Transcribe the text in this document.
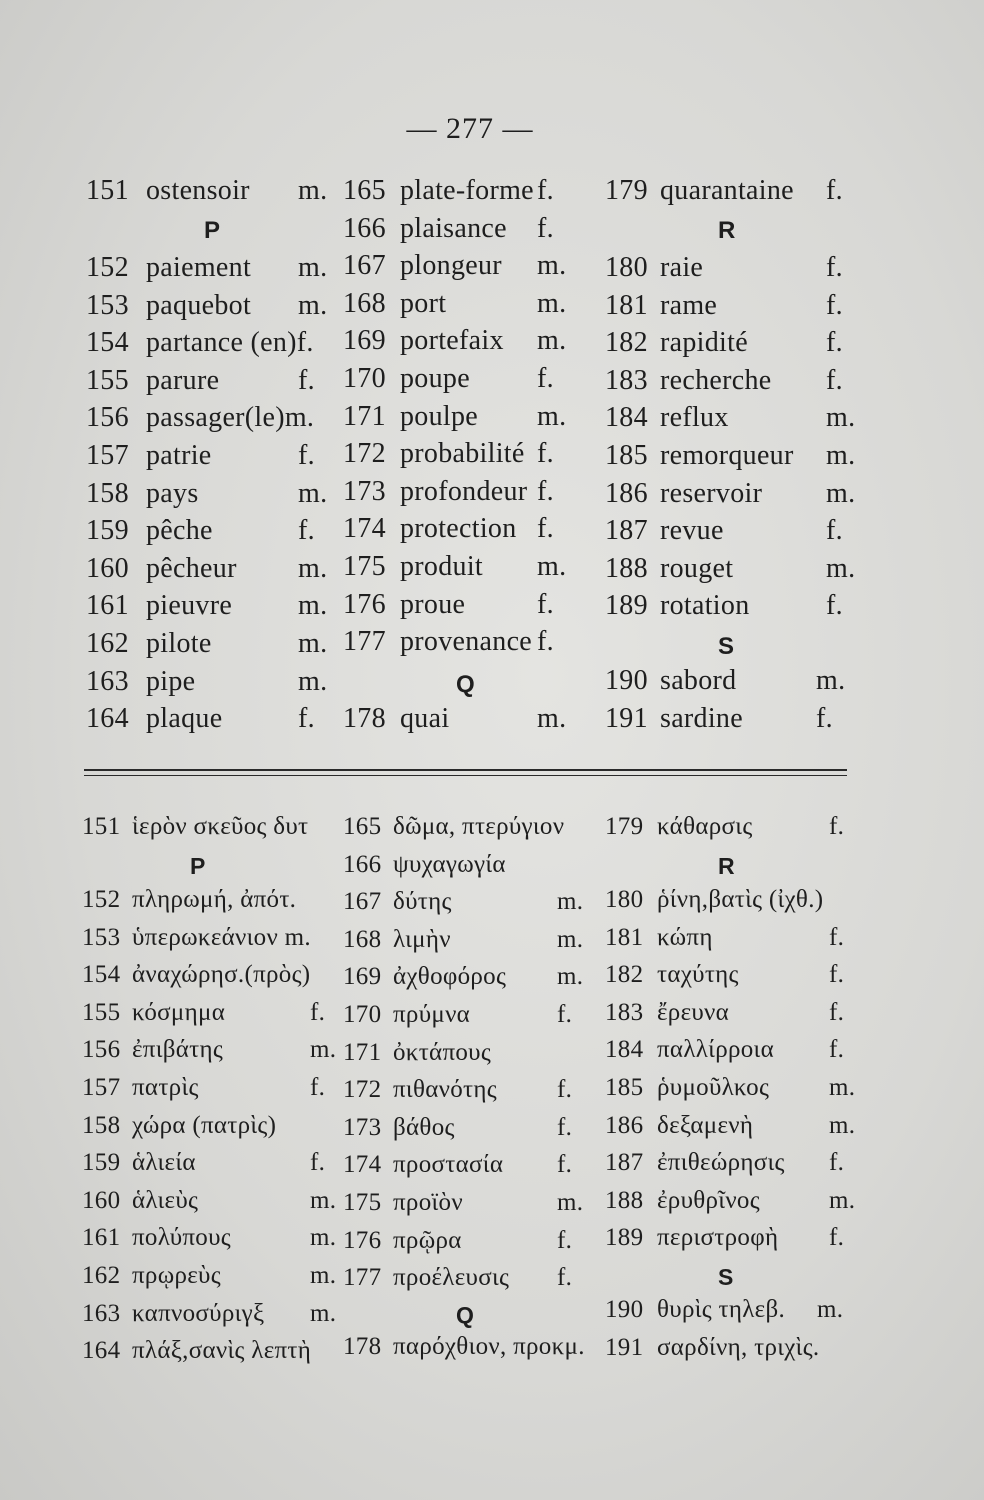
— 277 —
151 ostensoir m.
P
152 paiement m.
153 paquebot m.
154 partance (en)f.
155 parure	f.
156 passager(le)m.
157 patrie	f.
158 pays	m.
159 pêche	f.
160 pêcheur m.
161 pieuvre m.
162 pilote	m.
163 pipe	m.
164 plaque	f.
165 plate-forme f.
166 plaisance f.
167 plongeur m.
168 port	m.
169 portefaix m.
170 poupe f.
171 poulpe m.
172 probabilité f.
173 profondeur f.
174 protection f.
175 produit m.
176 proue	f.
177 provenance f.
Q
178 quai	m.
179 quarantaine f.
R
180 raie	f.
181 rame	f.
182 rapidité	f.
183 recherche f.
184 reflux	m.
185 remorqueur m.
186 reservoir m.
187 revue	f.
188 rouget	m.
189 rotation	f.
S
190 sabord	m.
191 sardine	f.
151 ἱερὸν σκεῦος δυτ
P
152 πληρωμή, ἀπότ.
153 ὑπερωκεάνιον m.
154 ἀναχώρησ.(πρὸς)
155 κόσμημα	f.
156 ἐπιβάτης	m.
157 πατρὶς	f.
158 χώρα (πατρὶς)
159 ἁλιεία	f.
160 ἁλιεὺς	m.
161 πολύπους	m.
162 πρῳρεὺς	m.
163 καπνοσύριγξ m.
164 πλάξ,σανὶς λεπτὴ
165 δῶμα, πτερύγιον
166 ψυχαγωγία
167 δύτης	m.
168 λιμὴν	m.
169 ἀχθοφόρος m.
170 πρύμνα	f.
171 ὀκτάπους
172 πιθανότης f.
173 βάθος	f.
174 προστασία f.
175 προϊὸν	m.
176 πρῷρα	f.
177 προέλευσις f.
Q
178 παρόχθιον, προκμ.
179 κάθαρσις	f.
R
180 ῥίνη,βατὶς (ἰχθ.)
181 κώπη	f.
182 ταχύτης	f.
183 ἔρευνα	f.
184 παλλίρροια f.
185 ῥυμοῦλκος m.
186 δεξαμενὴ	m.
187 ἐπιθεώρησις f.
188 ἐρυθρῖνος	m.
189 περιστροφὴ f.
S
190 θυρὶς τηλεβ. m.
191 σαρδίνη, τριχὶς.
